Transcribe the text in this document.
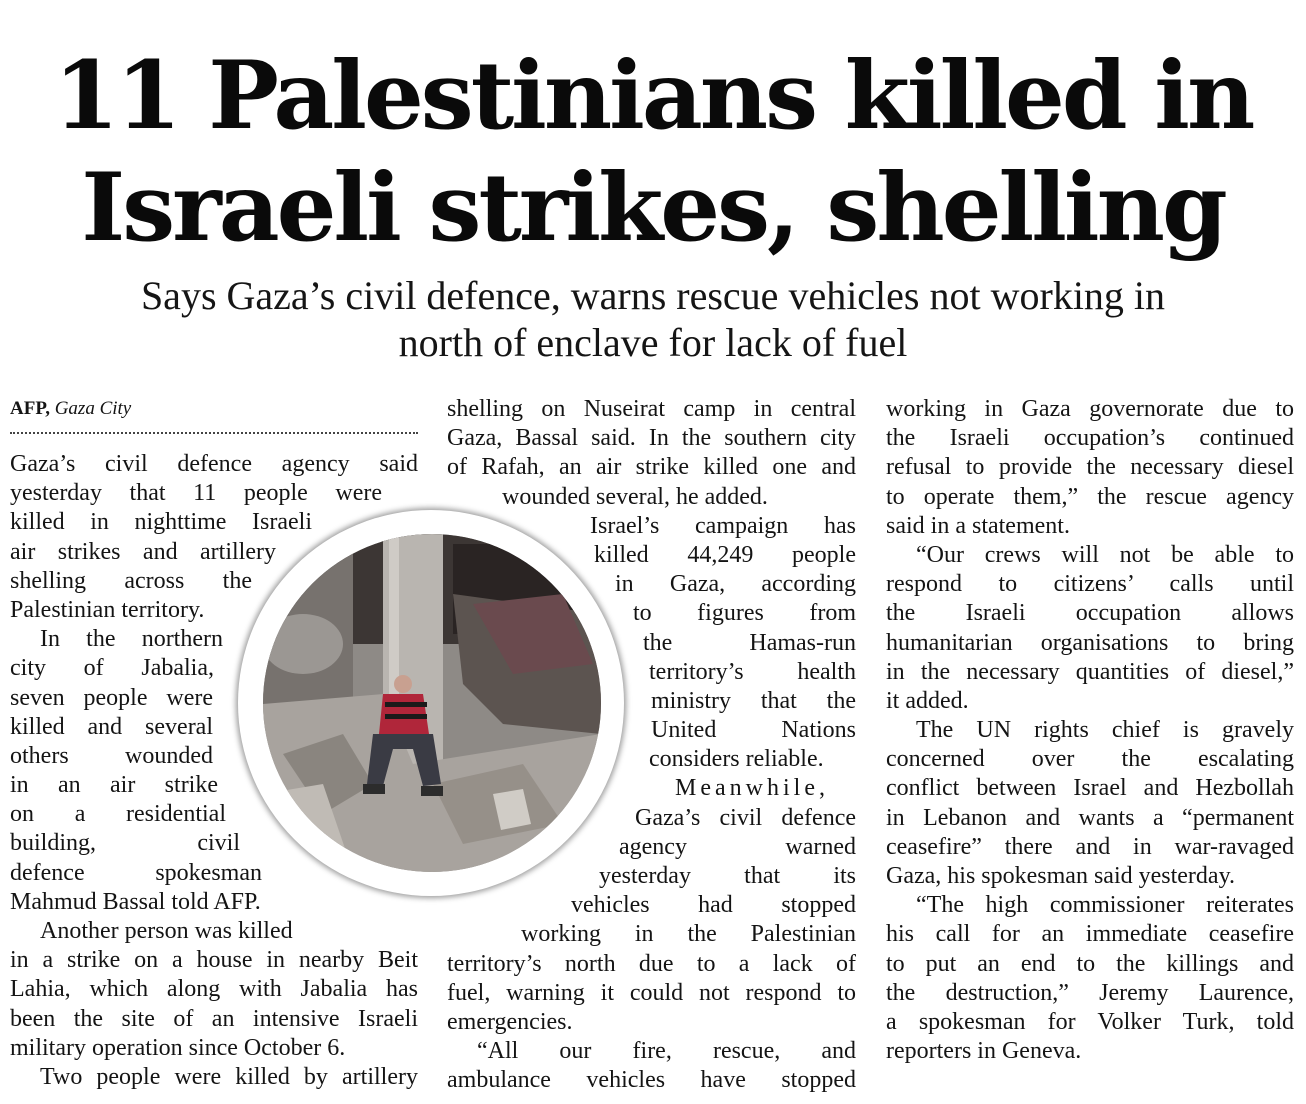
11 Palestinians killed in
Israeli strikes, shelling
Says Gaza’s civil defence, warns rescue vehicles not working in
north of enclave for lack of fuel
AFP, Gaza City
Gaza’s civil defence agency said
yesterday that 11 people were
killed in nighttime Israeli
air strikes and artillery
shelling across the
Palestinian territory.
In the northern
city of Jabalia,
seven people were
killed and several
others wounded
in an air strike
on a residential
building, civil
defence spokesman
Mahmud Bassal told AFP.
Another person was killed
in a strike on a house in nearby Beit
Lahia, which along with Jabalia has
been the site of an intensive Israeli
military operation since October 6.
Two people were killed by artillery
shelling on Nuseirat camp in central
Gaza, Bassal said. In the southern city
of Rafah, an air strike killed one and
wounded several, he added.
Israel’s campaign has
killed 44,249 people
in Gaza, according
to figures from
the Hamas-run
territory’s health
ministry that the
United Nations
considers reliable.
Meanwhile,
Gaza’s civil defence
agency warned
yesterday that its
vehicles had stopped
working in the Palestinian
territory’s north due to a lack of
fuel, warning it could not respond to
emergencies.
“All our fire, rescue, and
ambulance vehicles have stopped
working in Gaza governorate due to
the Israeli occupation’s continued
refusal to provide the necessary diesel
to operate them,” the rescue agency
said in a statement.
“Our crews will not be able to
respond to citizens’ calls until
the Israeli occupation allows
humanitarian organisations to bring
in the necessary quantities of diesel,”
it added.
The UN rights chief is gravely
concerned over the escalating
conflict between Israel and Hezbollah
in Lebanon and wants a “permanent
ceasefire” there and in war-ravaged
Gaza, his spokesman said yesterday.
“The high commissioner reiterates
his call for an immediate ceasefire
to put an end to the killings and
the destruction,” Jeremy Laurence,
a spokesman for Volker Turk, told
reporters in Geneva.
